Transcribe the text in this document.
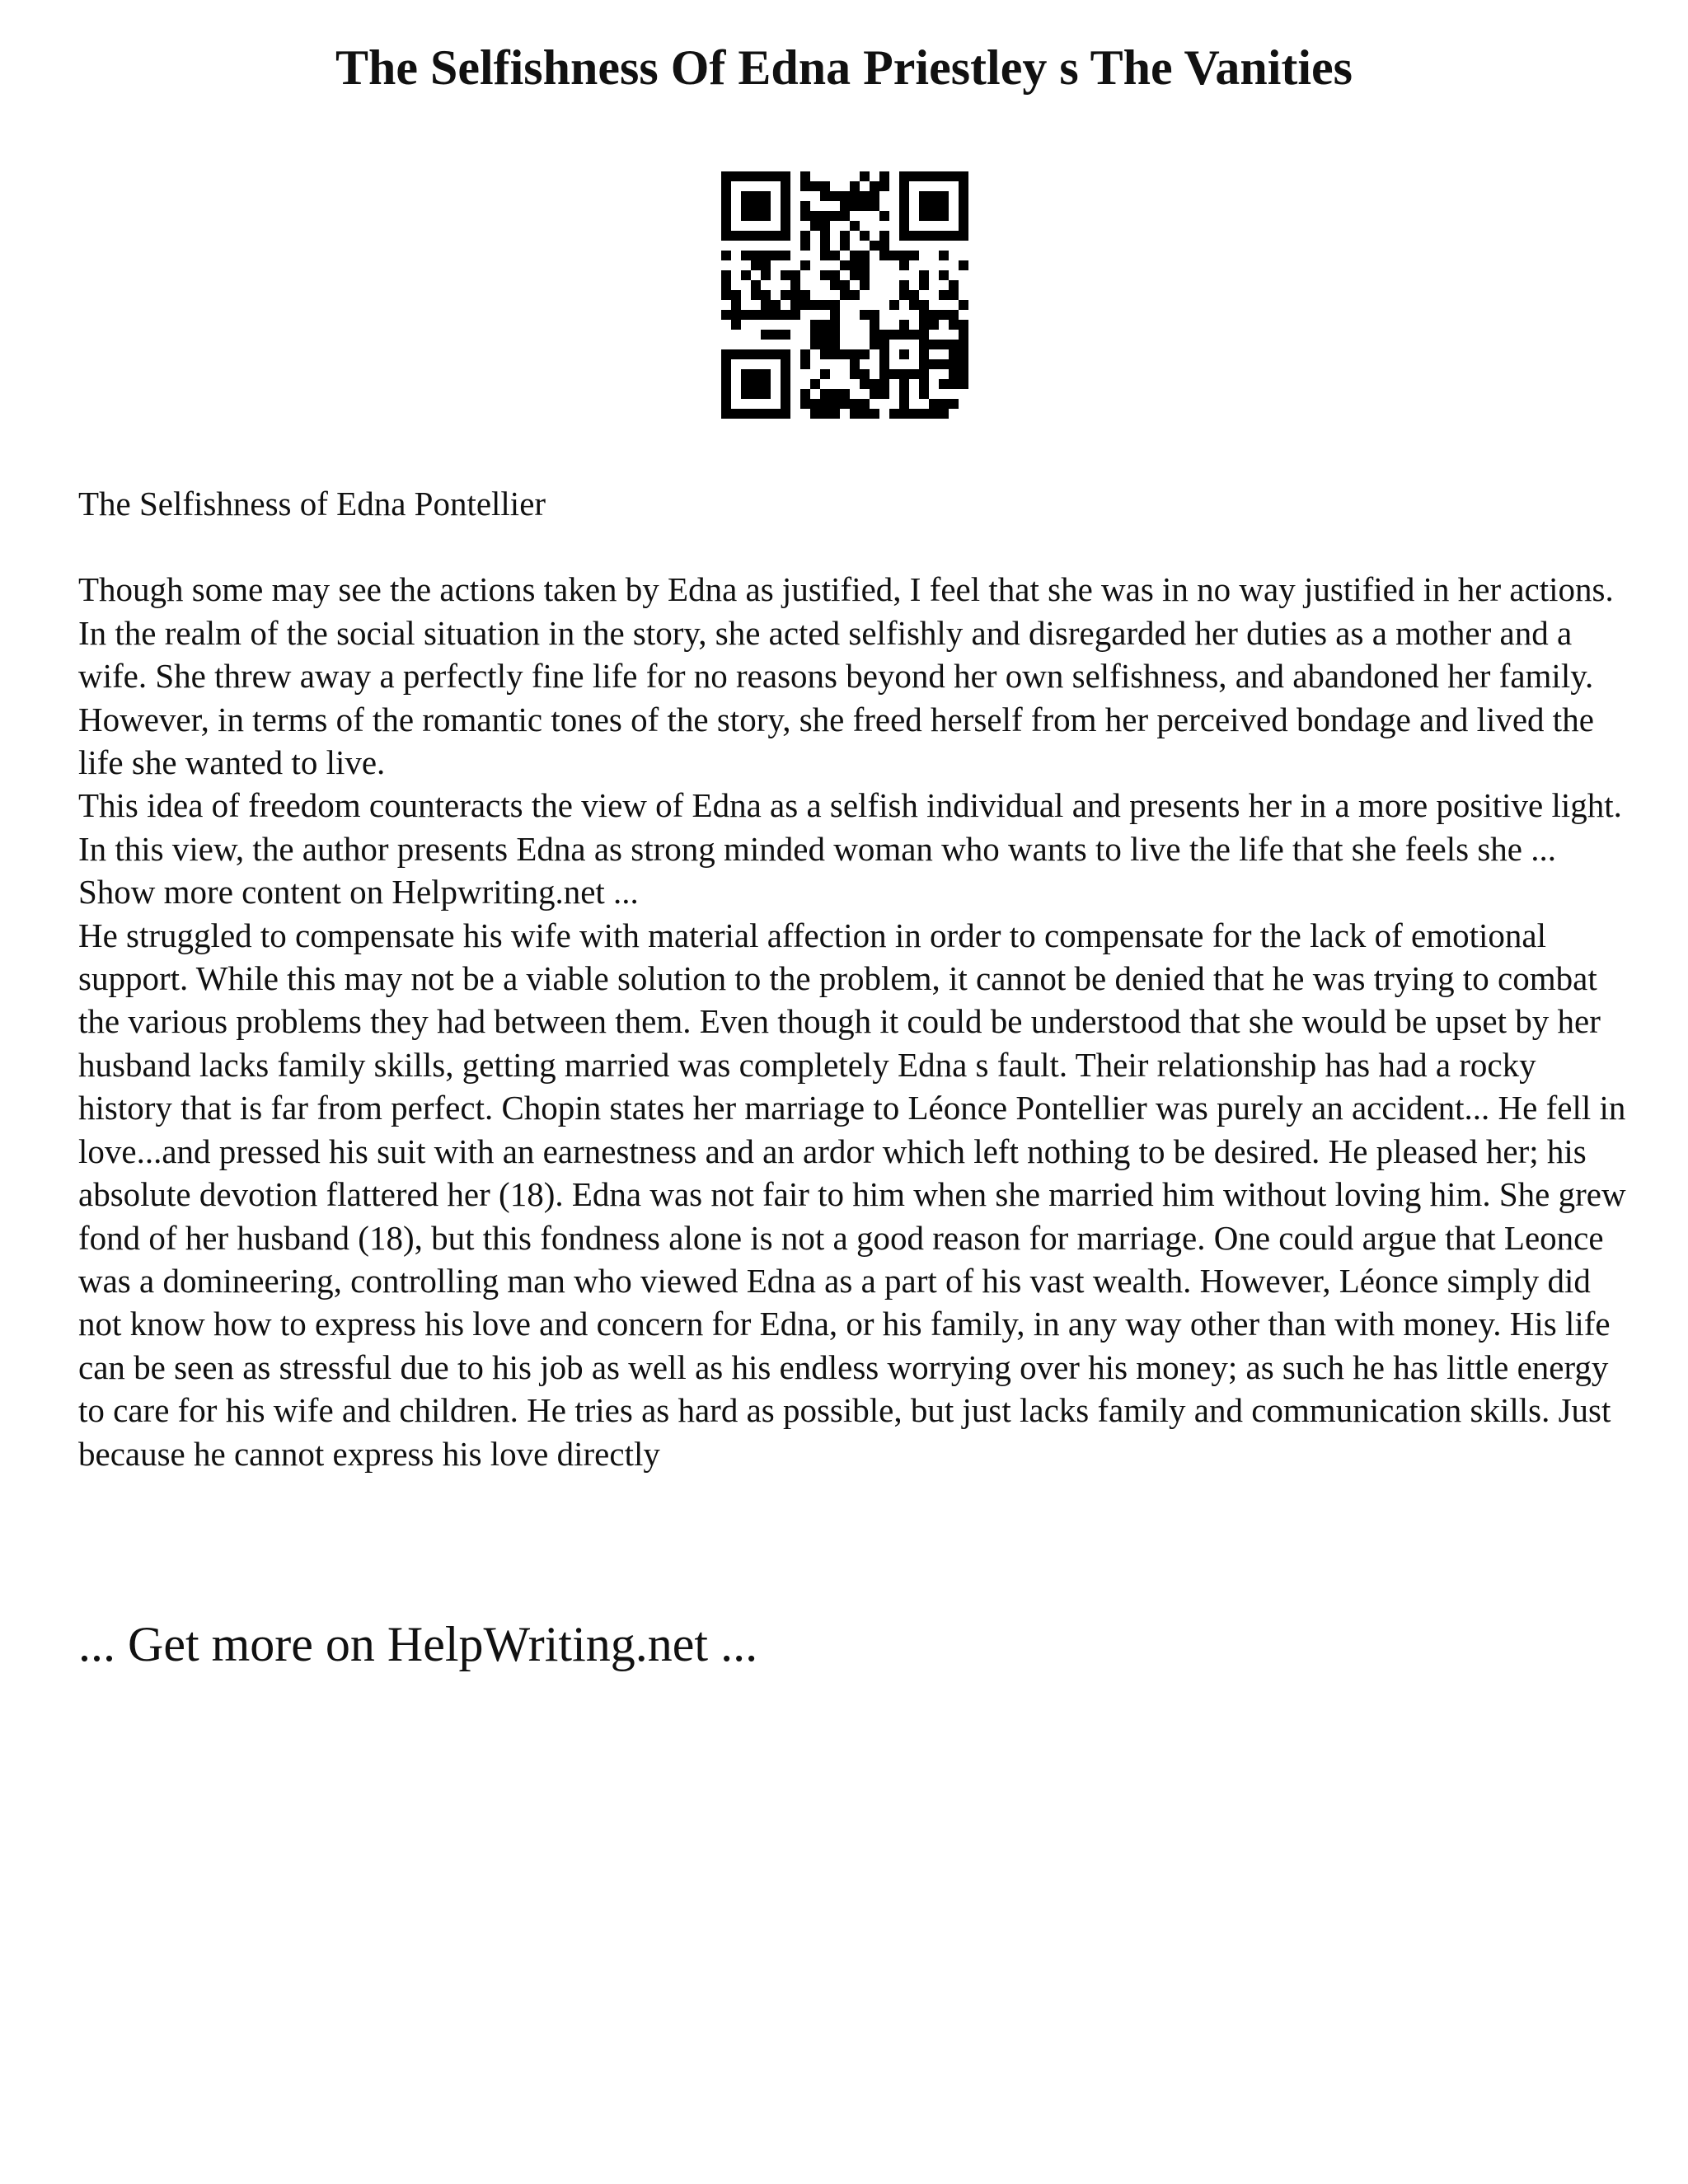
The Selfishness Of Edna Priestley s The Vanities

The Selfishness of Edna Pontellier

Though some may see the actions taken by Edna as justified, I feel that she was in no way justified in her actions. In the realm of the social situation in the story, she acted selfishly and disregarded her duties as a mother and a wife. She threw away a perfectly fine life for no reasons beyond her own selfishness, and abandoned her family. However, in terms of the romantic tones of the story, she freed herself from her perceived bondage and lived the life she wanted to live.

This idea of freedom counteracts the view of Edna as a selfish individual and presents her in a more positive light. In this view, the author presents Edna as strong minded woman who wants to live the life that she feels she ... Show more content on Helpwriting.net ...

He struggled to compensate his wife with material affection in order to compensate for the lack of emotional support. While this may not be a viable solution to the problem, it cannot be denied that he was trying to combat the various problems they had between them. Even though it could be understood that she would be upset by her husband lacks family skills, getting married was completely Edna s fault. Their relationship has had a rocky history that is far from perfect. Chopin states her marriage to Léonce Pontellier was purely an accident... He fell in love...and pressed his suit with an earnestness and an ardor which left nothing to be desired. He pleased her; his absolute devotion flattered her (18). Edna was not fair to him when she married him without loving him. She grew fond of her husband (18), but this fondness alone is not a good reason for marriage. One could argue that Leonce was a domineering, controlling man who viewed Edna as a part of his vast wealth. However, Léonce simply did not know how to express his love and concern for Edna, or his family, in any way other than with money. His life can be seen as stressful due to his job as well as his endless worrying over his money; as such he has little energy to care for his wife and children. He tries as hard as possible, but just lacks family and communication skills. Just because he cannot express his love directly

... Get more on HelpWriting.net ...
